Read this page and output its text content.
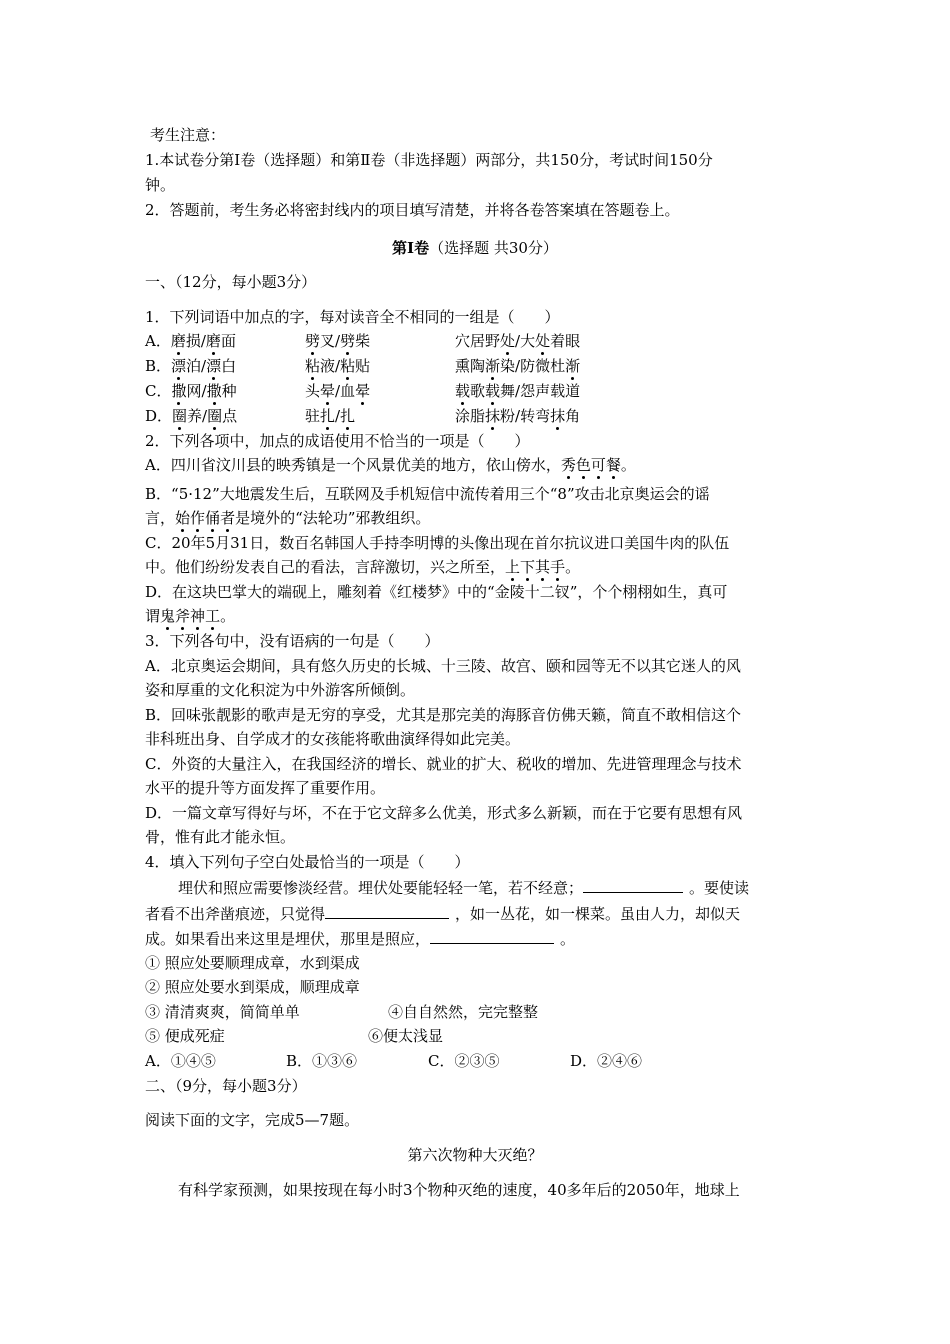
考生注意：
1.本试卷分第Ⅰ卷（选择题）和第Ⅱ卷（非选择题）两部分，共150分，考试时间150分
钟。
2．答题前，考生务必将密封线内的项目填写清楚，并将各卷答案填在答题卷上。
第Ⅰ卷（选择题 共30分）
一、（12分，每小题3分）
1．下列词语中加点的字，每对读音全不相同的一组是（　　）
A．磨损/磨面	劈叉/劈柴	穴居野处/大处着眼
B．漂泊/漂白	粘液/粘贴	熏陶渐染/防微杜渐
C．撒网/撒种	头晕/血晕	载歌载舞/怨声载道
D．圈养/圈点	驻扎/扎	涂脂抹粉/转弯抹角
2．下列各项中，加点的成语使用不恰当的一项是（　　）
A．四川省汶川县的映秀镇是一个风景优美的地方，依山傍水，秀色可餐。
B．“5·12”大地震发生后，互联网及手机短信中流传着用三个“8”攻击北京奥运会的谣
言，始作俑者是境外的“法轮功”邪教组织。
C．20年5月31日，数百名韩国人手持李明博的头像出现在首尔抗议进口美国牛肉的队伍
中。他们纷纷发表自己的看法，言辞激切，兴之所至，上下其手。
D．在这块巴掌大的端砚上，雕刻着《红楼梦》中的“金陵十二钗”，个个栩栩如生，真可
谓鬼斧神工。
3．下列各句中，没有语病的一句是（　　）
A．北京奥运会期间，具有悠久历史的长城、十三陵、故宫、颐和园等无不以其它迷人的风
姿和厚重的文化积淀为中外游客所倾倒。
B．回味张靓影的歌声是无穷的享受，尤其是那完美的海豚音仿佛天籁，简直不敢相信这个
非科班出身、自学成才的女孩能将歌曲演绎得如此完美。
C．外资的大量注入，在我国经济的增长、就业的扩大、税收的增加、先进管理理念与技术
水平的提升等方面发挥了重要作用。
D．一篇文章写得好与坏，不在于它文辞多么优美，形式多么新颖，而在于它要有思想有风
骨，惟有此才能永恒。
4．填入下列句子空白处最恰当的一项是（　　）
埋伏和照应需要惨淡经营。埋伏处要能轻轻一笔，若不经意；	。要使读
者看不出斧凿痕迹，只觉得	，如一丛花，如一棵菜。虽由人力，却似天
成。如果看出来这里是埋伏，那里是照应，	。
① 照应处要顺理成章，水到渠成
② 照应处要水到渠成，顺理成章
③ 清清爽爽，简简单单	④自自然然，完完整整
⑤ 便成死症	⑥便太浅显
A．①④⑤	B．①③⑥	C．②③⑤	D．②④⑥
二、（9分，每小题3分）
阅读下面的文字，完成5—7题。
第六次物种大灭绝？
有科学家预测，如果按现在每小时3个物种灭绝的速度，40多年后的2050年，地球上
